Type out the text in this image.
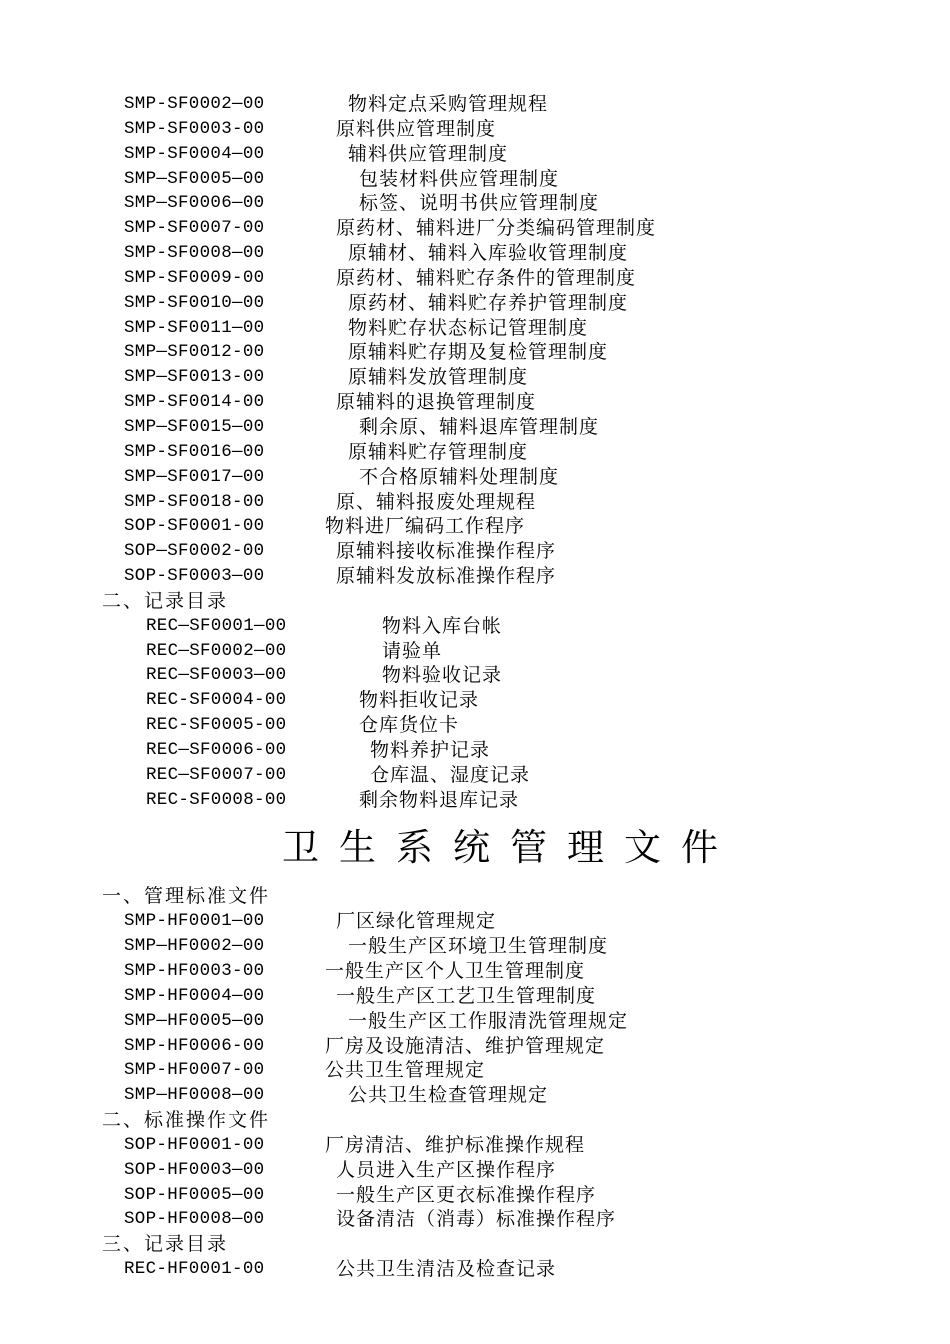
SMP-SF0002—00	物料定点采购管理规程
SMP-SF0003-00	原料供应管理制度
SMP-SF0004—00	辅料供应管理制度
SMP—SF0005—00	包装材料供应管理制度
SMP—SF0006—00	标签、说明书供应管理制度
SMP-SF0007-00	原药材、辅料进厂分类编码管理制度
SMP-SF0008—00	原辅材、辅料入库验收管理制度
SMP-SF0009-00	原药材、辅料贮存条件的管理制度
SMP-SF0010—00	原药材、辅料贮存养护管理制度
SMP-SF0011—00	物料贮存状态标记管理制度
SMP—SF0012-00	原辅料贮存期及复检管理制度
SMP—SF0013-00	原辅料发放管理制度
SMP-SF0014-00	原辅料的退换管理制度
SMP—SF0015—00	剩余原、辅料退库管理制度
SMP-SF0016—00	原辅料贮存管理制度
SMP—SF0017—00	不合格原辅料处理制度
SMP-SF0018-00	原、辅料报废处理规程
SOP-SF0001-00	物料进厂编码工作程序
SOP—SF0002-00	原辅料接收标准操作程序
SOP-SF0003—00	原辅料发放标准操作程序
二、记录目录
REC—SF0001—00	物料入库台帐
REC—SF0002—00	请验单
REC—SF0003—00	物料验收记录
REC-SF0004-00	物料拒收记录
REC-SF0005-00	仓库货位卡
REC—SF0006-00	物料养护记录
REC—SF0007-00	仓库温、湿度记录
REC-SF0008-00	剩余物料退库记录
卫生系统管理文件
一、管理标准文件
SMP-HF0001—00	厂区绿化管理规定
SMP—HF0002—00	一般生产区环境卫生管理制度
SMP-HF0003-00	一般生产区个人卫生管理制度
SMP-HF0004—00	一般生产区工艺卫生管理制度
SMP—HF0005—00	一般生产区工作服清洗管理规定
SMP-HF0006-00	厂房及设施清洁、维护管理规定
SMP-HF0007-00	公共卫生管理规定
SMP—HF0008—00	公共卫生检查管理规定
二、标准操作文件
SOP-HF0001-00	厂房清洁、维护标准操作规程
SOP-HF0003—00	人员进入生产区操作程序
SOP-HF0005—00	一般生产区更衣标准操作程序
SOP-HF0008—00	设备清洁（消毒）标准操作程序
三、记录目录
REC-HF0001-00	公共卫生清洁及检查记录
